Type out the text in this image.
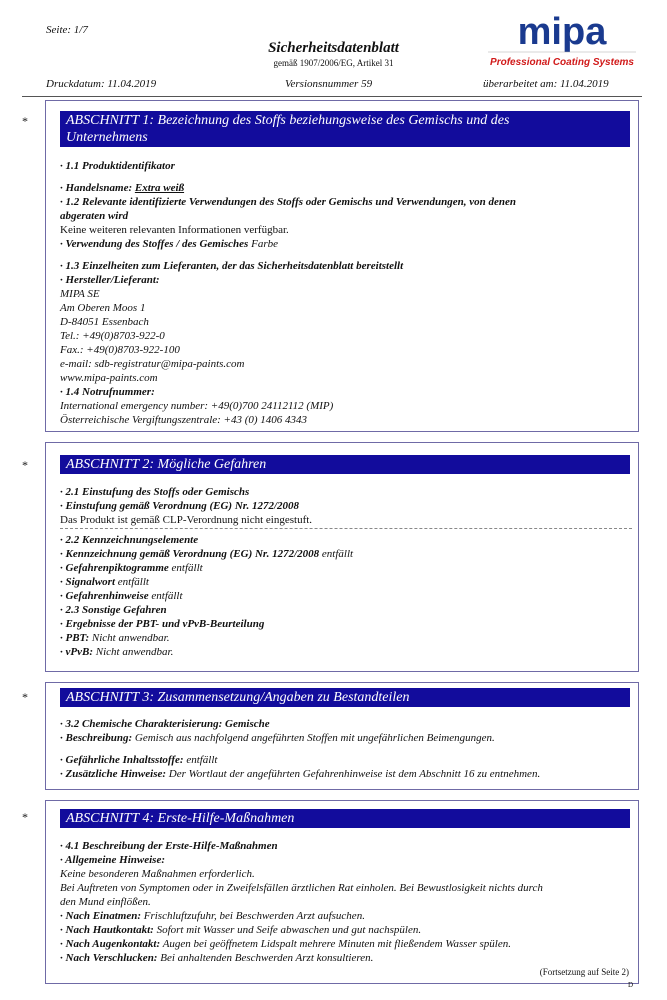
Seite: 1/7
Sicherheitsdatenblatt
gemäß 1907/2006/EG, Artikel 31
mipa
Professional Coating Systems
Druckdatum: 11.04.2019	Versionsnummer 59	überarbeitet am: 11.04.2019
*	ABSCHNITT 1: Bezeichnung des Stoffs beziehungsweise des Gemischs und des
Unternehmens
· 1.1 Produktidentifikator
· Handelsname: Extra weiß
· 1.2 Relevante identifizierte Verwendungen des Stoffs oder Gemischs und Verwendungen, von denen
abgeraten wird
Keine weiteren relevanten Informationen verfügbar.
· Verwendung des Stoffes / des Gemisches Farbe
· 1.3 Einzelheiten zum Lieferanten, der das Sicherheitsdatenblatt bereitstellt
· Hersteller/Lieferant:
MIPA SE
Am Oberen Moos 1
D-84051 Essenbach
Tel.: +49(0)8703-922-0
Fax.: +49(0)8703-922-100
e-mail: sdb-registratur@mipa-paints.com
www.mipa-paints.com
· 1.4 Notrufnummer:
International emergency number: +49(0)700 24112112 (MIP)
Österreichische Vergiftungszentrale: +43 (0) 1406 4343
*	ABSCHNITT 2: Mögliche Gefahren
· 2.1 Einstufung des Stoffs oder Gemischs
· Einstufung gemäß Verordnung (EG) Nr. 1272/2008
Das Produkt ist gemäß CLP-Verordnung nicht eingestuft.
· 2.2 Kennzeichnungselemente
· Kennzeichnung gemäß Verordnung (EG) Nr. 1272/2008 entfällt
· Gefahrenpiktogramme entfällt
· Signalwort entfällt
· Gefahrenhinweise entfällt
· 2.3 Sonstige Gefahren
· Ergebnisse der PBT- und vPvB-Beurteilung
· PBT: Nicht anwendbar.
· vPvB: Nicht anwendbar.
*	ABSCHNITT 3: Zusammensetzung/Angaben zu Bestandteilen
· 3.2 Chemische Charakterisierung: Gemische
· Beschreibung: Gemisch aus nachfolgend angeführten Stoffen mit ungefährlichen Beimengungen.
· Gefährliche Inhaltsstoffe: entfällt
· Zusätzliche Hinweise: Der Wortlaut der angeführten Gefahrenhinweise ist dem Abschnitt 16 zu entnehmen.
*	ABSCHNITT 4: Erste-Hilfe-Maßnahmen
· 4.1 Beschreibung der Erste-Hilfe-Maßnahmen
· Allgemeine Hinweise:
Keine besonderen Maßnahmen erforderlich.
Bei Auftreten von Symptomen oder in Zweifelsfällen ärztlichen Rat einholen. Bei Bewustlosigkeit nichts durch
den Mund einflößen.
· Nach Einatmen: Frischluftzufuhr, bei Beschwerden Arzt aufsuchen.
· Nach Hautkontakt: Sofort mit Wasser und Seife abwaschen und gut nachspülen.
· Nach Augenkontakt: Augen bei geöffnetem Lidspalt mehrere Minuten mit fließendem Wasser spülen.
· Nach Verschlucken: Bei anhaltenden Beschwerden Arzt konsultieren.
(Fortsetzung auf Seite 2)
D
